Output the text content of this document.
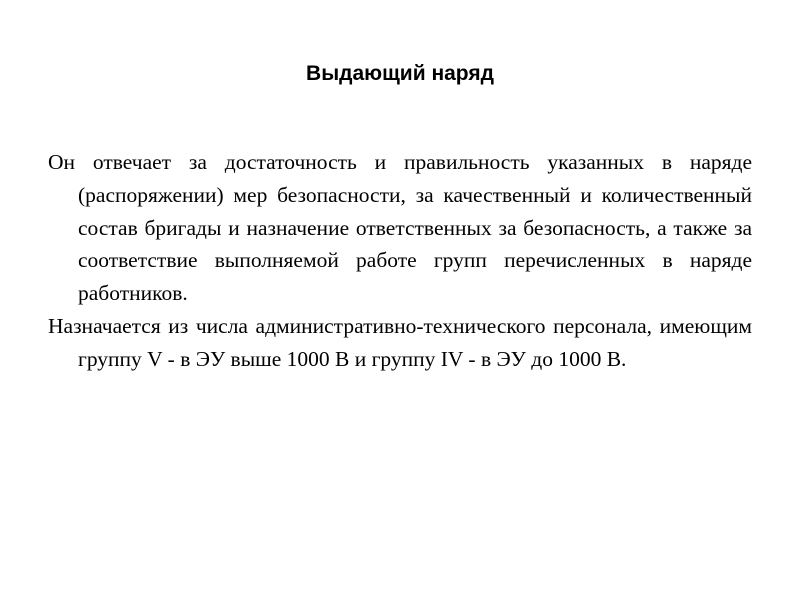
Выдающий наряд

Он отвечает за достаточность и правильность указанных в наряде (распоряжении) мер безопасности, за качественный и количественный состав бригады и назначение ответственных за безопасность, а также за соответствие выполняемой работе групп перечисленных в наряде работников.

Назначается из числа административно-технического персонала, имеющим группу V - в ЭУ выше 1000 В и группу IV - в ЭУ до 1000 В.
